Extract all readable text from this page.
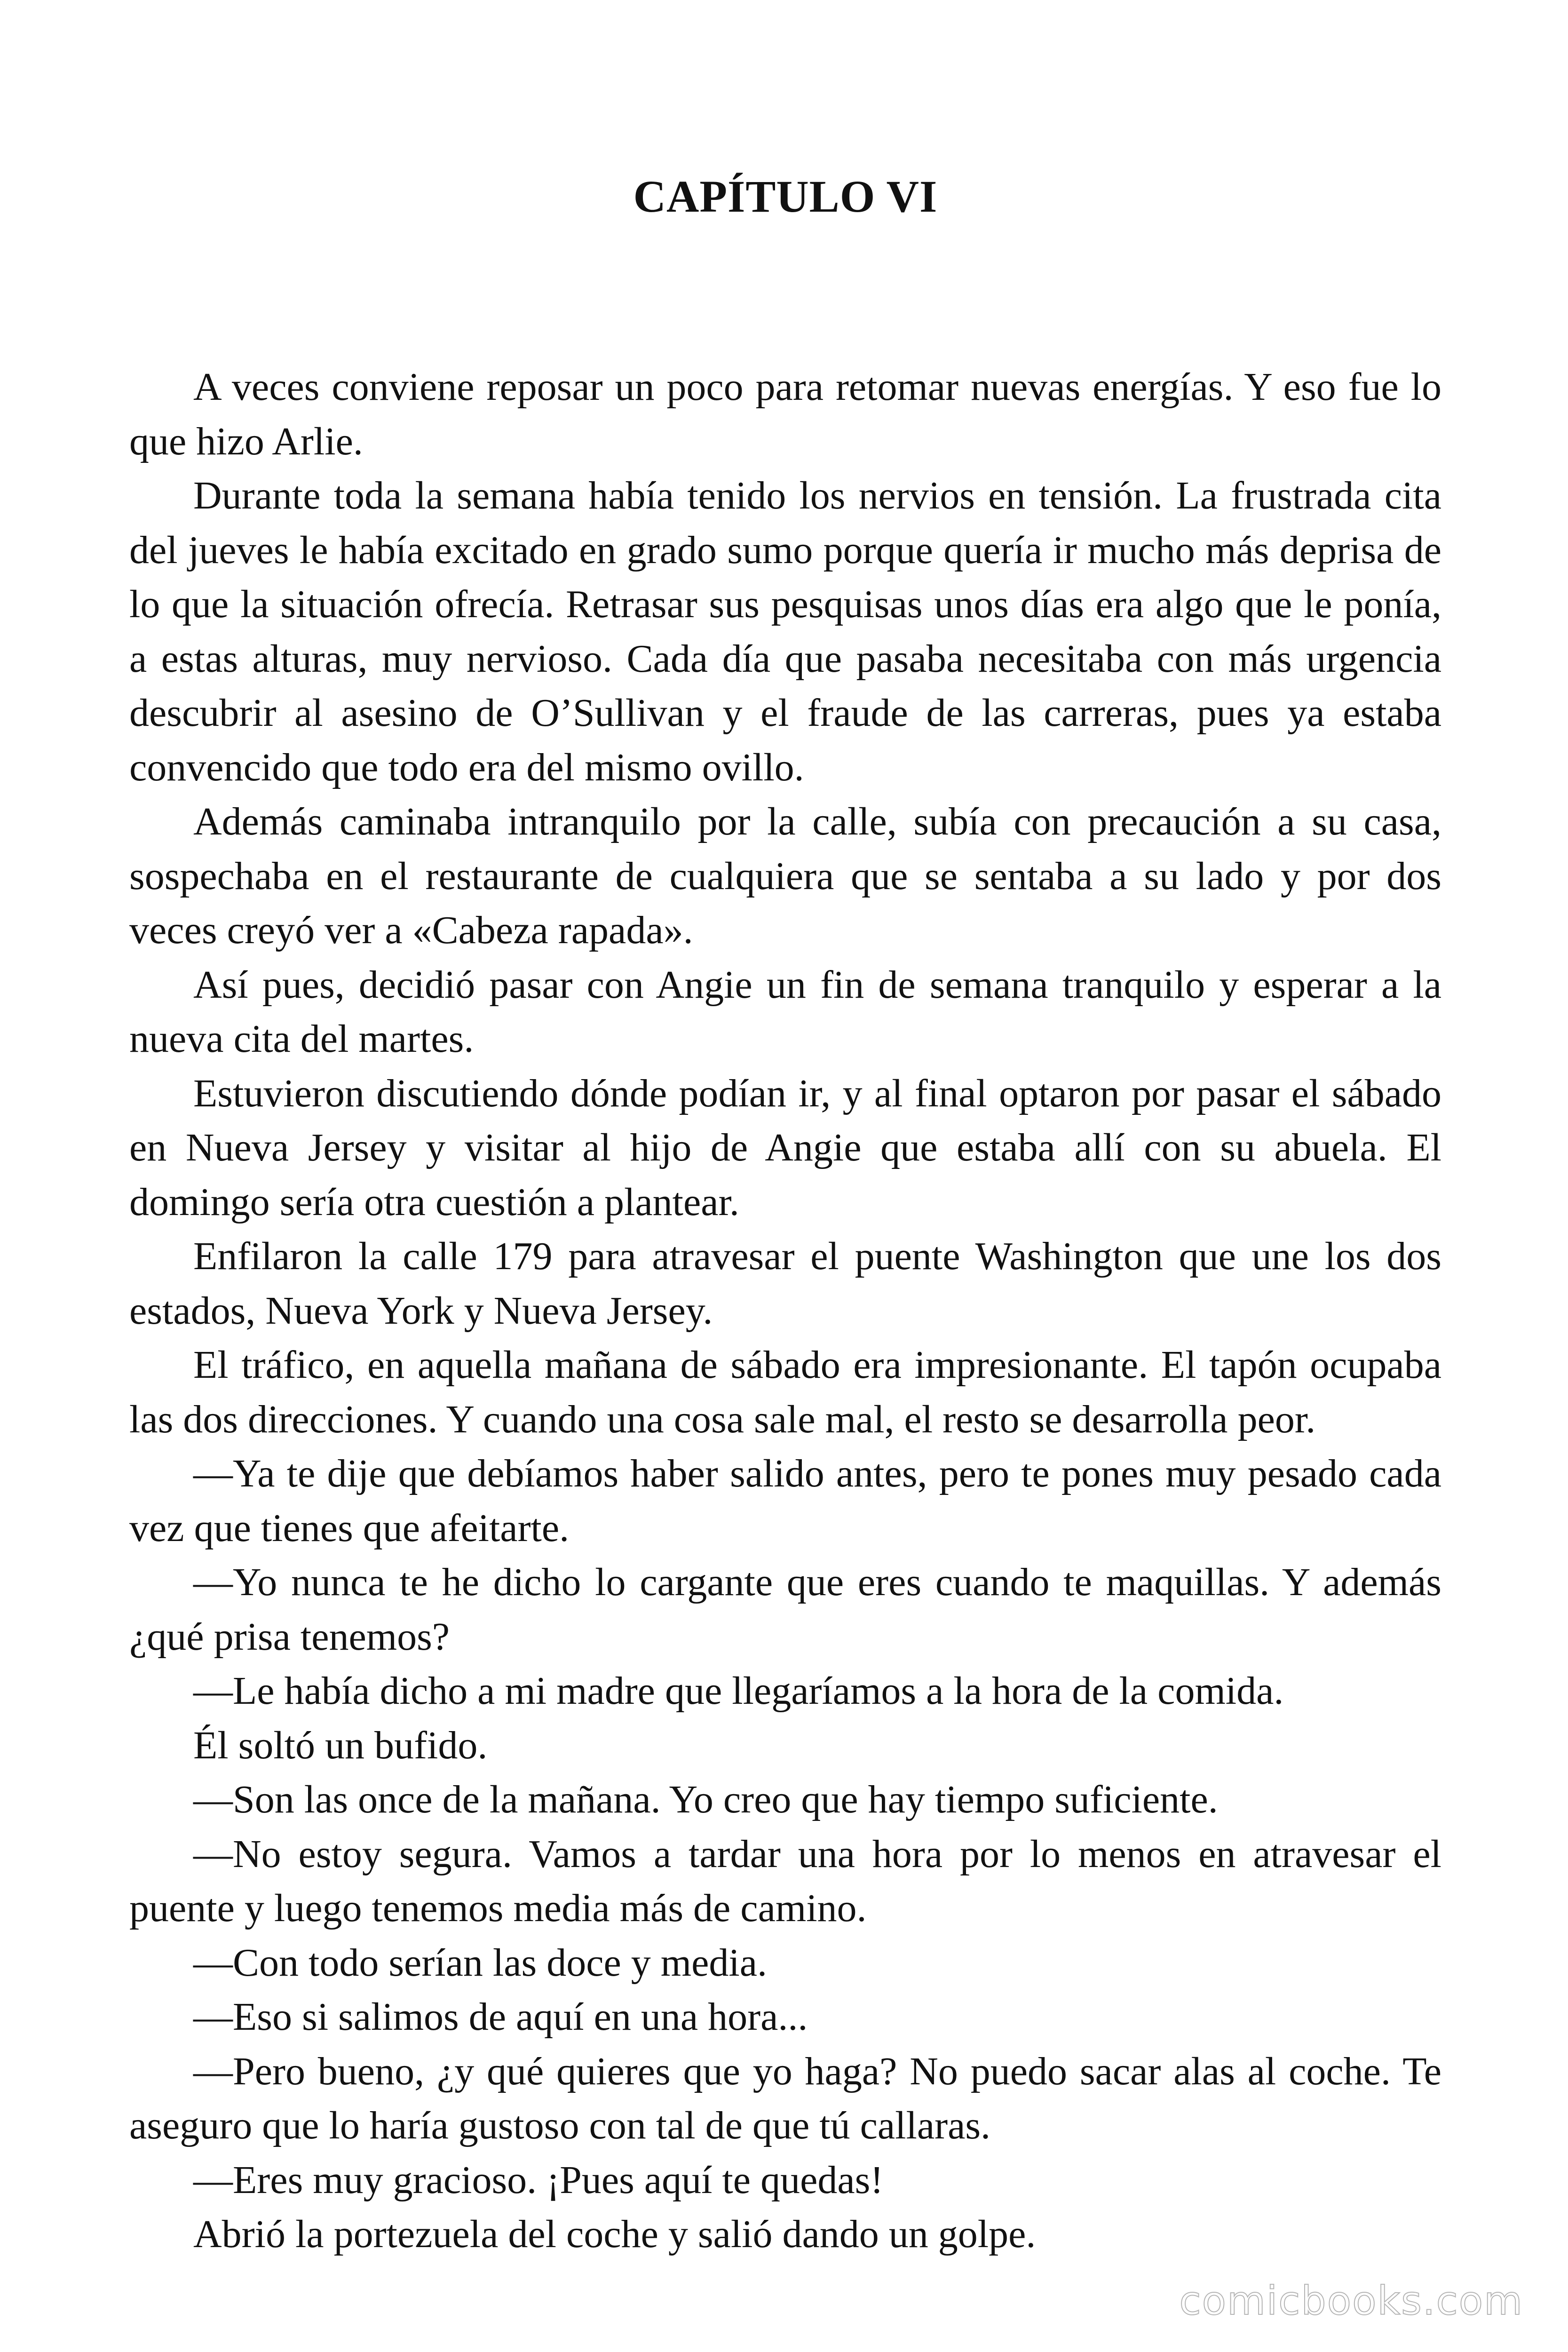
CAPÍTULO VI

A veces conviene reposar un poco para retomar nuevas energías. Y eso fue lo que hizo Arlie.

Durante toda la semana había tenido los nervios en tensión. La frustrada cita del jueves le había excitado en grado sumo porque quería ir mucho más deprisa de lo que la situación ofrecía. Retrasar sus pesquisas unos días era algo que le ponía, a estas alturas, muy nervioso. Cada día que pasaba necesitaba con más urgencia descubrir al asesino de O’Sullivan y el fraude de las carreras, pues ya estaba convencido que todo era del mismo ovillo.

Además caminaba intranquilo por la calle, subía con precaución a su casa, sospechaba en el restaurante de cualquiera que se sentaba a su lado y por dos veces creyó ver a «Cabeza rapada».

Así pues, decidió pasar con Angie un fin de semana tranquilo y esperar a la nueva cita del martes.

Estuvieron discutiendo dónde podían ir, y al final optaron por pasar el sábado en Nueva Jersey y visitar al hijo de Angie que estaba allí con su abuela. El domingo sería otra cuestión a plantear.

Enfilaron la calle 179 para atravesar el puente Washington que une los dos estados, Nueva York y Nueva Jersey.

El tráfico, en aquella mañana de sábado era impresionante. El tapón ocupaba las dos direcciones. Y cuando una cosa sale mal, el resto se desarrolla peor.

—Ya te dije que debíamos haber salido antes, pero te pones muy pesado cada vez que tienes que afeitarte.

—Yo nunca te he dicho lo cargante que eres cuando te maquillas. Y además ¿qué prisa tenemos?

—Le había dicho a mi madre que llegaríamos a la hora de la comida.

Él soltó un bufido.

—Son las once de la mañana. Yo creo que hay tiempo suficiente.

—No estoy segura. Vamos a tardar una hora por lo menos en atravesar el puente y luego tenemos media más de camino.

—Con todo serían las doce y media.

—Eso si salimos de aquí en una hora...

—Pero bueno, ¿y qué quieres que yo haga? No puedo sacar alas al coche. Te aseguro que lo haría gustoso con tal de que tú callaras.

—Eres muy gracioso. ¡Pues aquí te quedas!

Abrió la portezuela del coche y salió dando un golpe.

comicbooks.com
